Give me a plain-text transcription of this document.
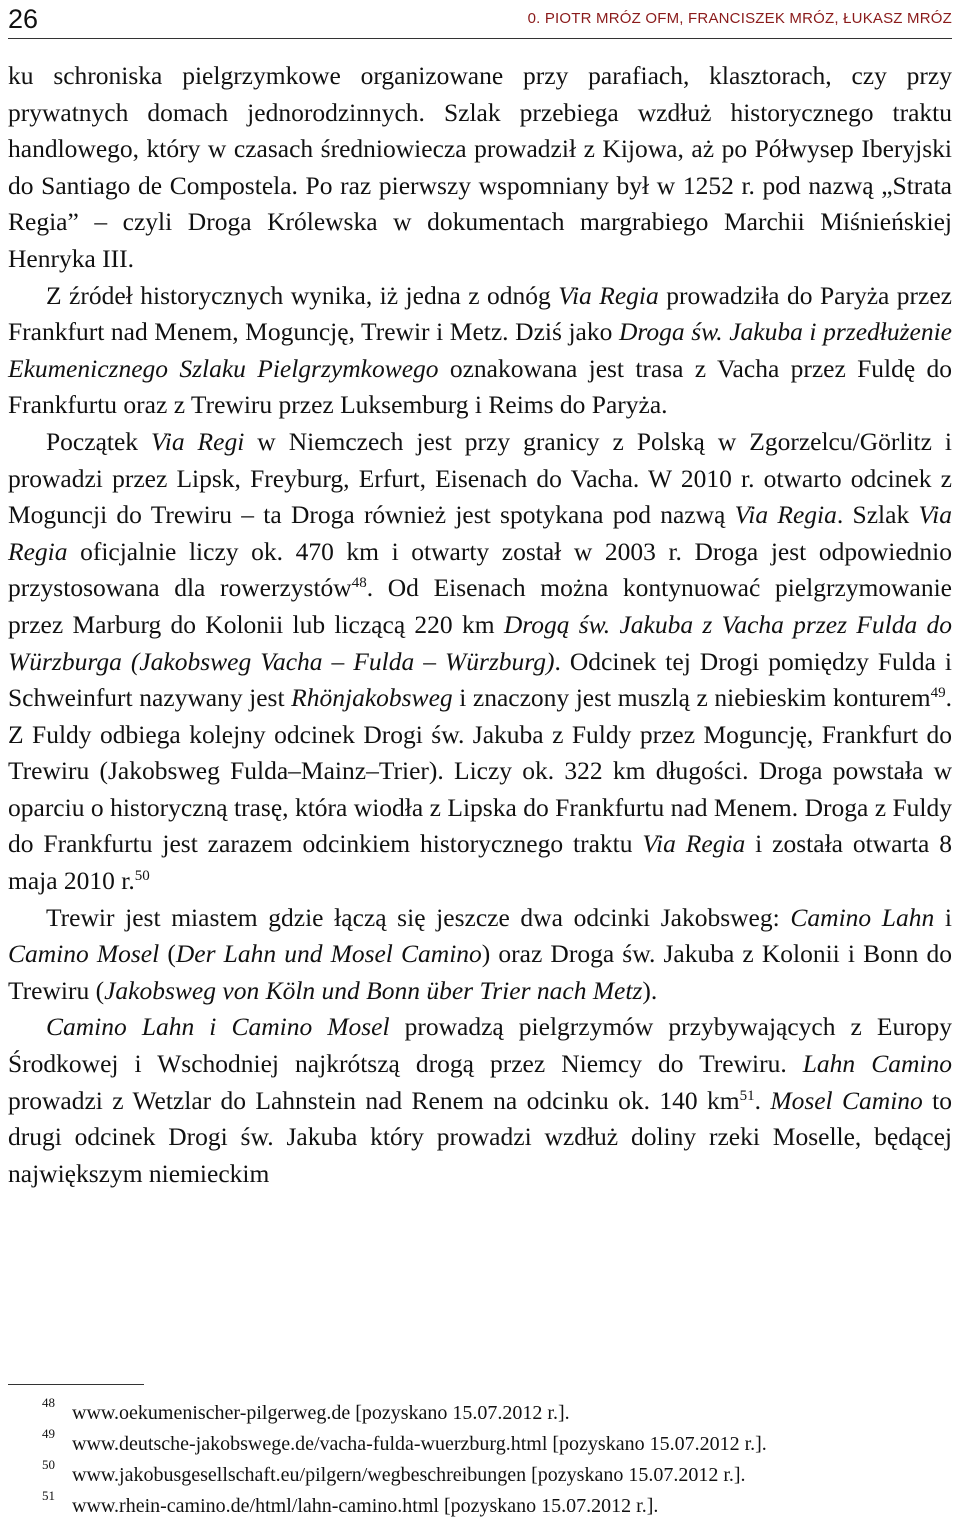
26	0. PIOTR MRÓZ OFM, FRANCISZEK MRÓZ, ŁUKASZ MRÓZ

ku schroniska pielgrzymkowe organizowane przy parafiach, klasztorach, czy przy prywatnych domach jednorodzinnych. Szlak przebiega wzdłuż historycznego traktu handlowego, który w czasach średniowiecza prowadził z Kijowa, aż po Półwysep Iberyjski do Santiago de Compostela. Po raz pierwszy wspomniany był w 1252 r. pod nazwą „Strata Regia” – czyli Droga Królewska w dokumentach margrabiego Marchii Miśnieńskiej Henryka III.

Z źródeł historycznych wynika, iż jedna z odnóg Via Regia prowadziła do Paryża przez Frankfurt nad Menem, Moguncję, Trewir i Metz. Dziś jako Droga św. Jakuba i przedłużenie Ekumenicznego Szlaku Pielgrzymkowego oznakowana jest trasa z Vacha przez Fuldę do Frankfurtu oraz z Trewiru przez Luksemburg i Reims do Paryża.

Początek Via Regi w Niemczech jest przy granicy z Polską w Zgorzelcu/Görlitz i prowadzi przez Lipsk, Freyburg, Erfurt, Eisenach do Vacha. W 2010 r. otwarto odcinek z Moguncji do Trewiru – ta Droga również jest spotykana pod nazwą Via Regia. Szlak Via Regia oficjalnie liczy ok. 470 km i otwarty został w 2003 r. Droga jest odpowiednio przystosowana dla rowerzystów$^{48}$. Od Eisenach można kontynuować pielgrzymowanie przez Marburg do Kolonii lub liczącą 220 km Drogą św. Jakuba z Vacha przez Fulda do Würzburga (Jakobsweg Vacha – Fulda – Würzburg). Odcinek tej Drogi pomiędzy Fulda i Schweinfurt nazywany jest Rhönjakobsweg i znaczony jest muszlą z niebieskim konturem$^{49}$. Z Fuldy odbiega kolejny odcinek Drogi św. Jakuba z Fuldy przez Moguncję, Frankfurt do Trewiru (Jakobsweg Fulda–Mainz–Trier). Liczy ok. 322 km długości. Droga powstała w oparciu o historyczną trasę, która wiodła z Lipska do Frankfurtu nad Menem. Droga z Fuldy do Frankfurtu jest zarazem odcinkiem historycznego traktu Via Regia i została otwarta 8 maja 2010 r.$^{50}$

Trewir jest miastem gdzie łączą się jeszcze dwa odcinki Jakobsweg: Camino Lahn i Camino Mosel (Der Lahn und Mosel Camino) oraz Droga św. Jakuba z Kolonii i Bonn do Trewiru (Jakobsweg von Köln und Bonn über Trier nach Metz).

Camino Lahn i Camino Mosel prowadzą pielgrzymów przybywających z Europy Środkowej i Wschodniej najkrótszą drogą przez Niemcy do Trewiru. Lahn Camino prowadzi z Wetzlar do Lahnstein nad Renem na odcinku ok. 140 $km^{51}$. Mosel Camino to drugi odcinek Drogi św. Jakuba który prowadzi wzdłuż doliny rzeki Moselle, będącej największym niemieckim

48 www.oekumenischer-pilgerweg.de [pozyskano 15.07.2012 r.].
49 www.deutsche-jakobswege.de/vacha-fulda-wuerzburg.html [pozyskano 15.07.2012 r.].
50 www.jakobusgesellschaft.eu/pilgern/wegbeschreibungen [pozyskano 15.07.2012 r.].
51 www.rhein-camino.de/html/lahn-camino.html [pozyskano 15.07.2012 r.].
